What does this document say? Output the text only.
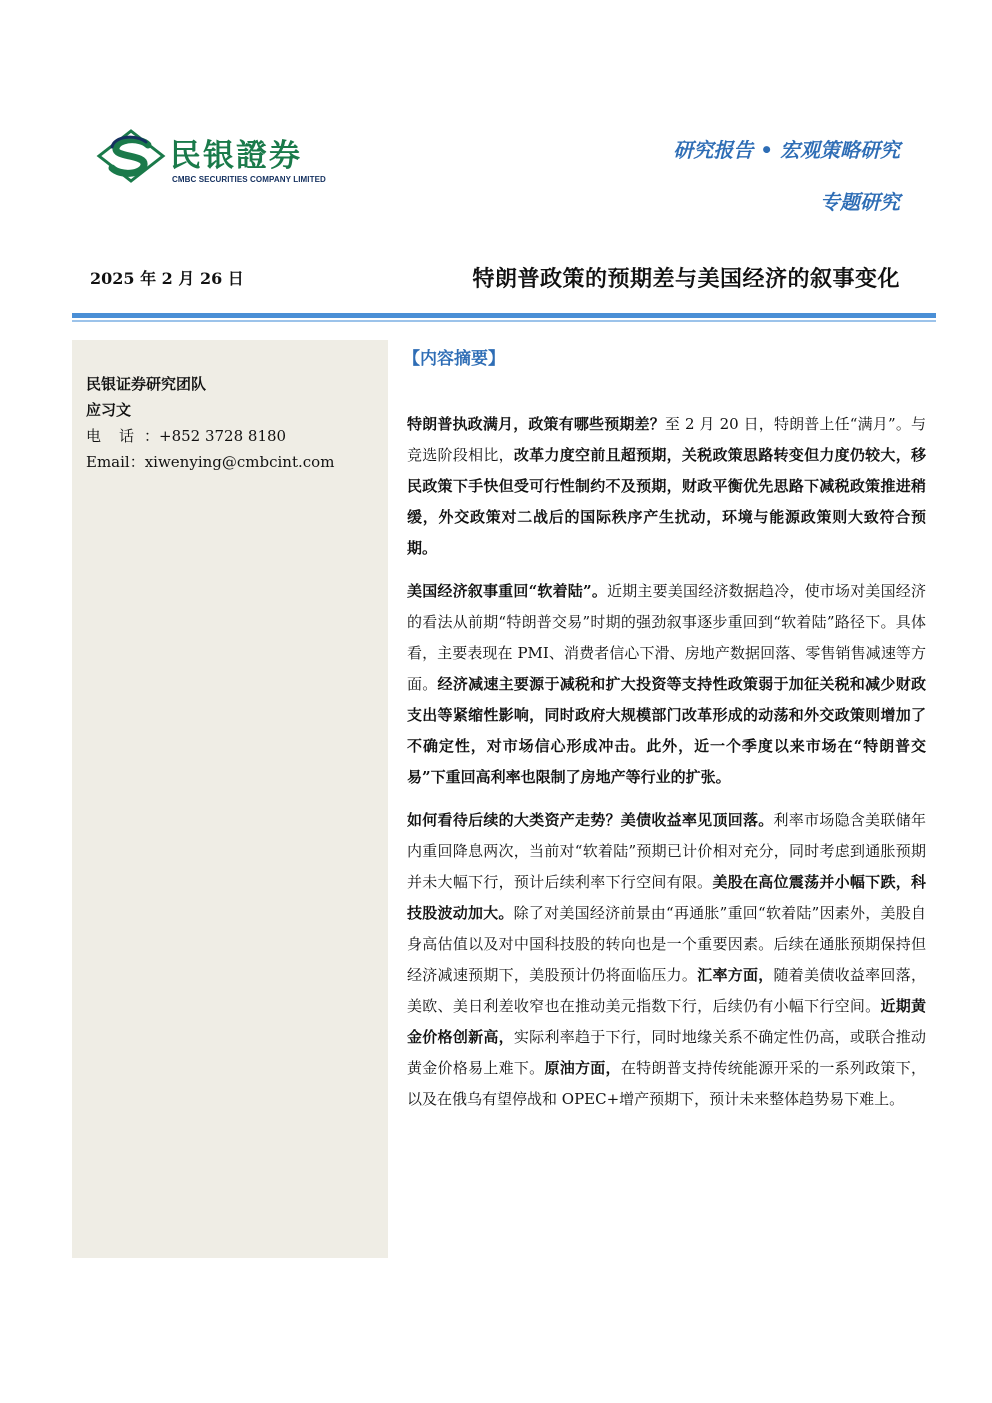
民银證券
CMBC SECURITIES COMPANY LIMITED
研究报告 • 宏观策略研究
专题研究
2025 年 2 月 26 日	特朗普政策的预期差与美国经济的叙事变化
民银证券研究团队
应习文
电话：+852 3728 8180
Email：xiwenying@cmbcint.com
【内容摘要】

特朗普执政满月，政策有哪些预期差？至 2 月 20 日，特朗普上任“满月”。与竞选阶段相比，改革力度空前且超预期，关税政策思路转变但力度仍较大，移民政策下手快但受可行性制约不及预期，财政平衡优先思路下减税政策推进稍缓，外交政策对二战后的国际秩序产生扰动，环境与能源政策则大致符合预期。

美国经济叙事重回“软着陆”。近期主要美国经济数据趋冷，使市场对美国经济的看法从前期“特朗普交易”时期的强劲叙事逐步重回到“软着陆”路径下。具体看，主要表现在 PMI、消费者信心下滑、房地产数据回落、零售销售减速等方面。经济减速主要源于减税和扩大投资等支持性政策弱于加征关税和减少财政支出等紧缩性影响，同时政府大规模部门改革形成的动荡和外交政策则增加了不确定性，对市场信心形成冲击。此外，近一个季度以来市场在“特朗普交易”下重回高利率也限制了房地产等行业的扩张。

如何看待后续的大类资产走势？美债收益率见顶回落。利率市场隐含美联储年内重回降息两次，当前对“软着陆”预期已计价相对充分，同时考虑到通胀预期并未大幅下行，预计后续利率下行空间有限。美股在高位震荡并小幅下跌，科技股波动加大。除了对美国经济前景由“再通胀”重回“软着陆”因素外，美股自身高估值以及对中国科技股的转向也是一个重要因素。后续在通胀预期保持但经济减速预期下，美股预计仍将面临压力。汇率方面，随着美债收益率回落，美欧、美日利差收窄也在推动美元指数下行，后续仍有小幅下行空间。近期黄金价格创新高，实际利率趋于下行，同时地缘关系不确定性仍高，或联合推动黄金价格易上难下。原油方面，在特朗普支持传统能源开采的一系列政策下，以及在俄乌有望停战和 OPEC+增产预期下，预计未来整体趋势易下难上。
